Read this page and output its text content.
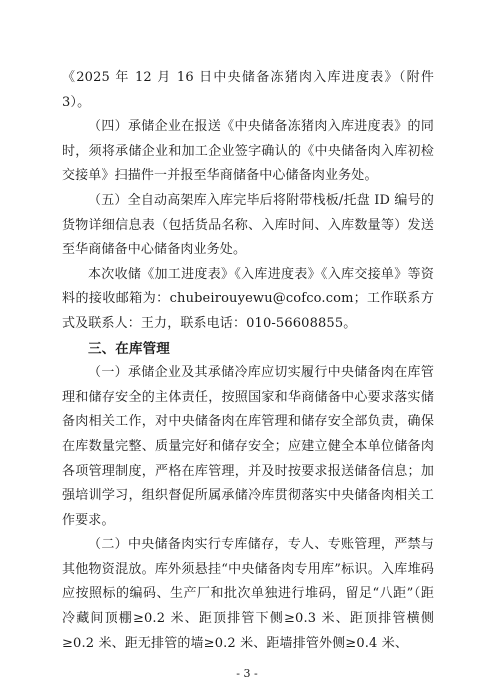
《2025 年 12 月 16 日中央储备冻猪肉入库进度表》（附件 3）。

（四）承储企业在报送《中央储备冻猪肉入库进度表》的同时，须将承储企业和加工企业签字确认的《中央储备肉入库初检交接单》扫描件一并报至华商储备中心储备肉业务处。

（五）全自动高架库入库完毕后将附带栈板/托盘 ID 编号的货物详细信息表（包括货品名称、入库时间、入库数量等）发送至华商储备中心储备肉业务处。

本次收储《加工进度表》《入库进度表》《入库交接单》等资料的接收邮箱为：chubeirouyewu@cofco.com；工作联系方式及联系人：王力，联系电话：010-56608855。

三、在库管理

（一）承储企业及其承储冷库应切实履行中央储备肉在库管理和储存安全的主体责任，按照国家和华商储备中心要求落实储备肉相关工作，对中央储备肉在库管理和储存安全部负责，确保在库数量完整、质量完好和储存安全；应建立健全本单位储备肉各项管理制度，严格在库管理，并及时按要求报送储备信息；加强培训学习，组织督促所属承储冷库贯彻落实中央储备肉相关工作要求。

（二）中央储备肉实行专库储存，专人、专账管理，严禁与其他物资混放。库外须悬挂“中央储备肉专用库”标识。入库堆码应按照标的编码、生产厂和批次单独进行堆码，留足“八距”（距冷藏间顶棚≥0.2 米、距顶排管下侧≥0.3 米、距顶排管横侧≥0.2 米、距无排管的墙≥0.2 米、距墙排管外侧≥0.4 米、

- 3 -
